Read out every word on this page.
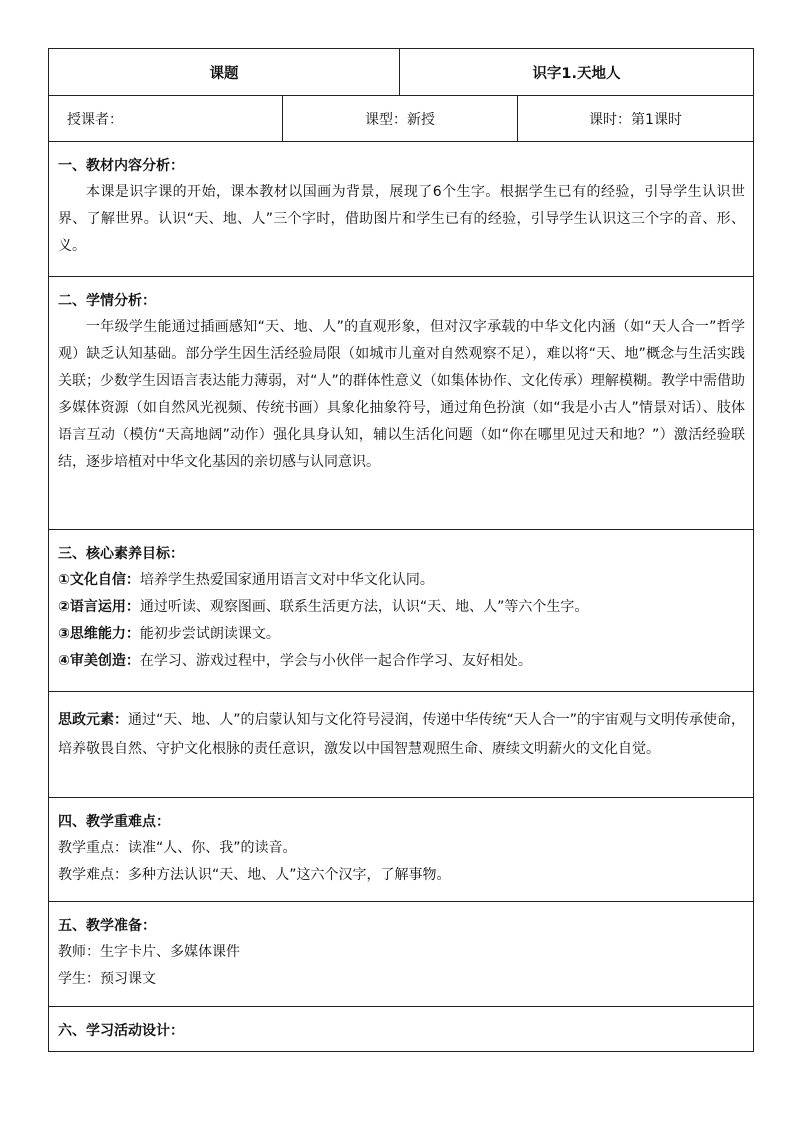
课题	识字1.天地人
授课者：	课型： 新授	课时： 第1课时

一、教材内容分析：

本课是识字课的开始，课本教材以国画为背景，展现了6个生字。根据学生已有的经验，引导学生认识世界、了解世界。认识“天、地、人”三个字时，借助图片和学生已有的经验，引导学生认识这三个字的音、形、义。

二、学情分析：

一年级学生能通过插画感知“天、地、人”的直观形象，但对汉字承载的中华文化内涵（如“天人合一”哲学观）缺乏认知基础。部分学生因生活经验局限（如城市儿童对自然观察不足），难以将“天、地”概念与生活实践关联；少数学生因语言表达能力薄弱，对“人”的群体性意义（如集体协作、文化传承）理解模糊。教学中需借助多媒体资源（如自然风光视频、传统书画）具象化抽象符号，通过角色扮演（如“我是小古人”情景对话）、肢体语言互动（模仿“天高地阔”动作）强化具身认知，辅以生活化问题（如“你在哪里见过天和地？”）激活经验联结，逐步培植对中华文化基因的亲切感与认同意识。

三、核心素养目标：

①文化自信：培养学生热爱国家通用语言文对中华文化认同。

②语言运用：通过听读、观察图画、联系生活更方法，认识“天、地、人”等六个生字。

③思维能力：能初步尝试朗读课文。

④审美创造：在学习、游戏过程中，学会与小伙伴一起合作学习、友好相处。

思政元素：通过“天、地、人”的启蒙认知与文化符号浸润，传递中华传统“天人合一”的宇宙观与文明传承使命，培养敬畏自然、守护文化根脉的责任意识，激发以中国智慧观照生命、赓续文明薪火的文化自觉。

四、教学重难点：

教学重点：读准“人、你、我”的读音。

教学难点：多种方法认识“天、地、人”这六个汉字，了解事物。

五、教学准备：

教师：生字卡片、多媒体课件

学生：预习课文

六、学习活动设计：
